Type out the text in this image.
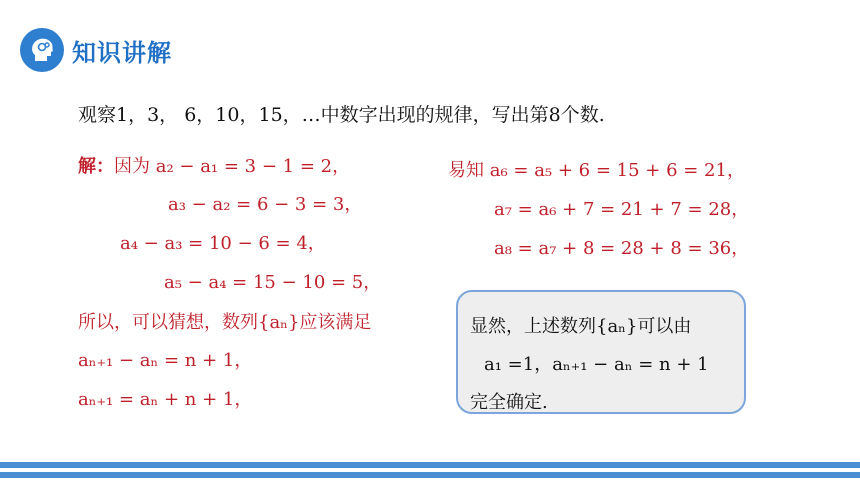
知识讲解
观察1，3， 6，10，15，…中数字出现的规律，写出第8个数.
解：因为 a₂ − a₁ = 3 − 1 = 2，
a₃ − a₂ = 6 − 3 = 3，
a₄ − a₃ = 10 − 6 = 4，
a₅ − a₄ = 15 − 10 = 5，
所以，可以猜想，数列{aₙ}应该满足
aₙ₊₁ − aₙ = n + 1，
aₙ₊₁ = aₙ + n + 1，
易知 a₆ = a₅ + 6 = 15 + 6 = 21，
a₇ = a₆ + 7 = 21 + 7 = 28，
a₈ = a₇ + 8 = 28 + 8 = 36，
显然，上述数列{aₙ}可以由
a₁ =1，aₙ₊₁ − aₙ = n + 1
完全确定.
